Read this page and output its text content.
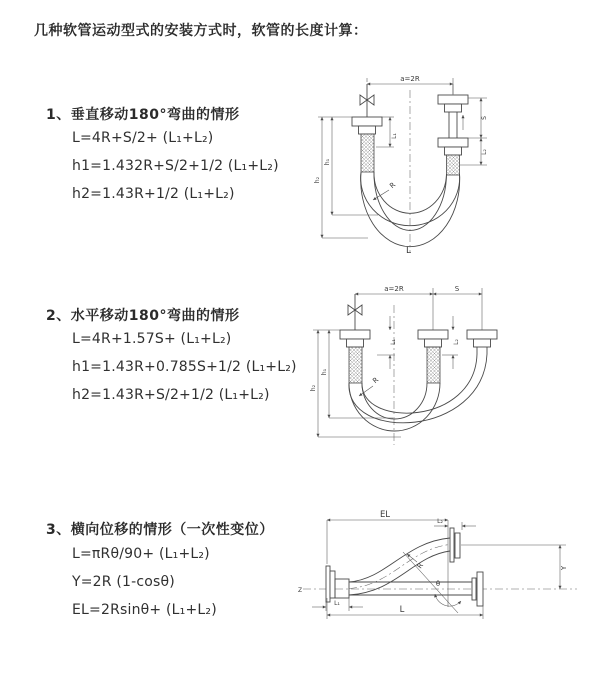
几种软管运动型式的安装方式时，软管的长度计算：
1、垂直移动180°弯曲的情形
L=4R+S/2+ (L₁+L₂)
h1=1.432R+S/2+1/2 (L₁+L₂)
h2=1.43R+1/2 (L₁+L₂)
2、水平移动180°弯曲的情形
L=4R+1.57S+ (L₁+L₂)
h1=1.43R+0.785S+1/2 (L₁+L₂)
h2=1.43R+S/2+1/2 (L₁+L₂)
3、横向位移的情形（一次性变位）
L=πRθ/90+ (L₁+L₂)
Y=2R (1-cosθ)
EL=2Rsinθ+ (L₁+L₂)
a=2R
L₁
S
L₂
h₂
h₁
R
L
a=2R	S
L₁	L₂
h₂
h₁
R
Z
EL
L₂
Y
θ
R
L₁
L
